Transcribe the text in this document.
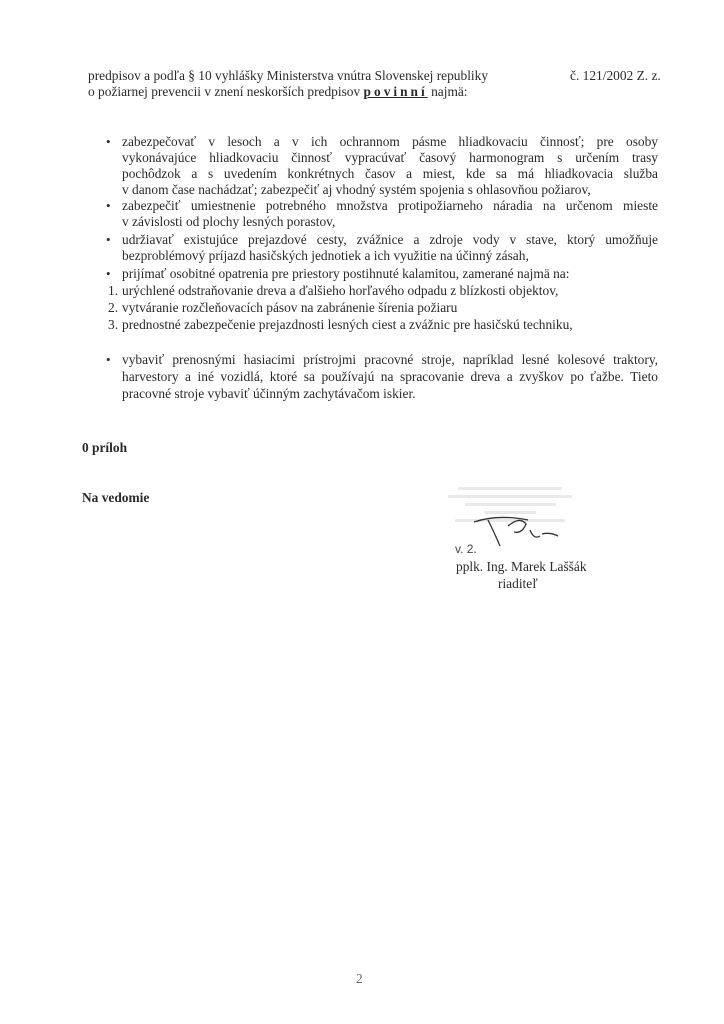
predpisov a podľa § 10 vyhlášky Ministerstva vnútra Slovenskej republiky	č. 121/2002 Z. z.
o požiarnej prevencii v znení neskorších predpisov povinní najmä:
• zabezpečovať v lesoch a v ich ochrannom pásme hliadkovaciu činnosť; pre osoby
vykonávajúce hliadkovaciu činnosť vypracúvať časový harmonogram s určením trasy
pochôdzok a s uvedením konkrétnych časov a miest, kde sa má hliadkovacia služba
v danom čase nachádzať; zabezpečiť aj vhodný systém spojenia s ohlasovňou požiarov,
• zabezpečiť umiestnenie potrebného množstva protipožiarneho náradia na určenom mieste
v závislosti od plochy lesných porastov,
• udržiavať existujúce prejazdové cesty, zvážnice a zdroje vody v stave, ktorý umožňuje
bezproblémový príjazd hasičských jednotiek a ich využitie na účinný zásah,
• prijímať osobitné opatrenia pre priestory postihnuté kalamitou, zamerané najmä na:
1. urýchlené odstraňovanie dreva a ďalšieho horľavého odpadu z blízkosti objektov,
2. vytváranie rozčleňovacích pásov na zabránenie šírenia požiaru
3. prednostné zabezpečenie prejazdnosti lesných ciest a zvážnic pre hasičskú techniku,
• vybaviť prenosnými hasiacimi prístrojmi pracovné stroje, napríklad lesné kolesové traktory,
harvestory a iné vozidlá, ktoré sa používajú na spracovanie dreva a zvyškov po ťažbe. Tieto
pracovné stroje vybaviť účinným zachytávačom iskier.
0 príloh
Na vedomie
v. 2.
pplk. Ing. Marek Laššák
riaditeľ
2
